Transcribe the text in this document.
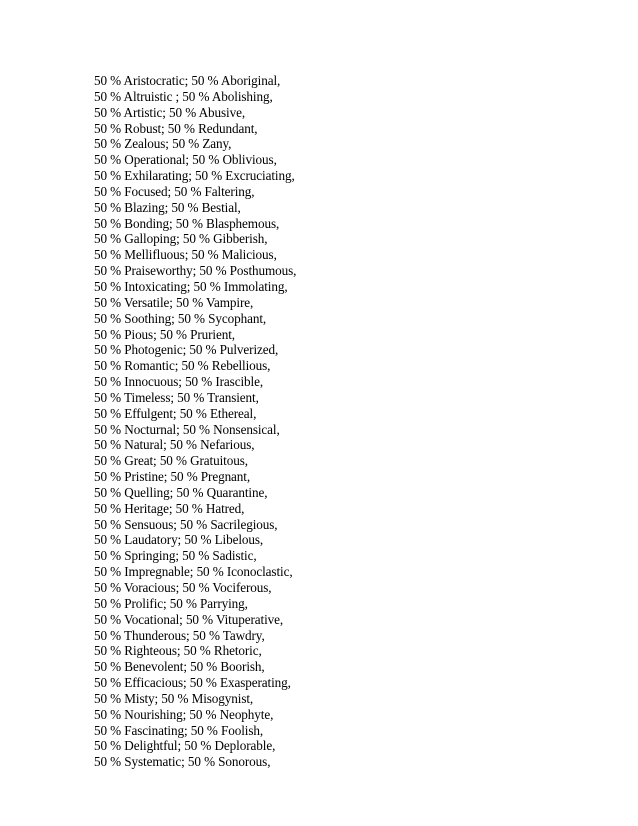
50 % Aristocratic; 50 % Aboriginal,
50 % Altruistic ; 50 % Abolishing,
50 % Artistic; 50 % Abusive,
50 % Robust; 50 % Redundant,
50 % Zealous; 50 % Zany,
50 % Operational; 50 % Oblivious,
50 % Exhilarating; 50 % Excruciating,
50 % Focused; 50 % Faltering,
50 % Blazing; 50 % Bestial,
50 % Bonding; 50 % Blasphemous,
50 % Galloping; 50 % Gibberish,
50 % Mellifluous; 50 % Malicious,
50 % Praiseworthy; 50 % Posthumous,
50 % Intoxicating; 50 % Immolating,
50 % Versatile; 50 % Vampire,
50 % Soothing; 50 % Sycophant,
50 % Pious; 50 % Prurient,
50 % Photogenic; 50 % Pulverized,
50 % Romantic; 50 % Rebellious,
50 % Innocuous; 50 % Irascible,
50 % Timeless; 50 % Transient,
50 % Effulgent; 50 % Ethereal,
50 % Nocturnal; 50 % Nonsensical,
50 % Natural; 50 % Nefarious,
50 % Great; 50 % Gratuitous,
50 % Pristine; 50 % Pregnant,
50 % Quelling; 50 % Quarantine,
50 % Heritage; 50 % Hatred,
50 % Sensuous; 50 % Sacrilegious,
50 % Laudatory; 50 % Libelous,
50 % Springing; 50 % Sadistic,
50 % Impregnable; 50 % Iconoclastic,
50 % Voracious; 50 % Vociferous,
50 % Prolific; 50 % Parrying,
50 % Vocational; 50 % Vituperative,
50 % Thunderous; 50 % Tawdry,
50 % Righteous; 50 % Rhetoric,
50 % Benevolent; 50 % Boorish,
50 % Efficacious; 50 % Exasperating,
50 % Misty; 50 % Misogynist,
50 % Nourishing; 50 % Neophyte,
50 % Fascinating; 50 % Foolish,
50 % Delightful; 50 % Deplorable,
50 % Systematic; 50 % Sonorous,
